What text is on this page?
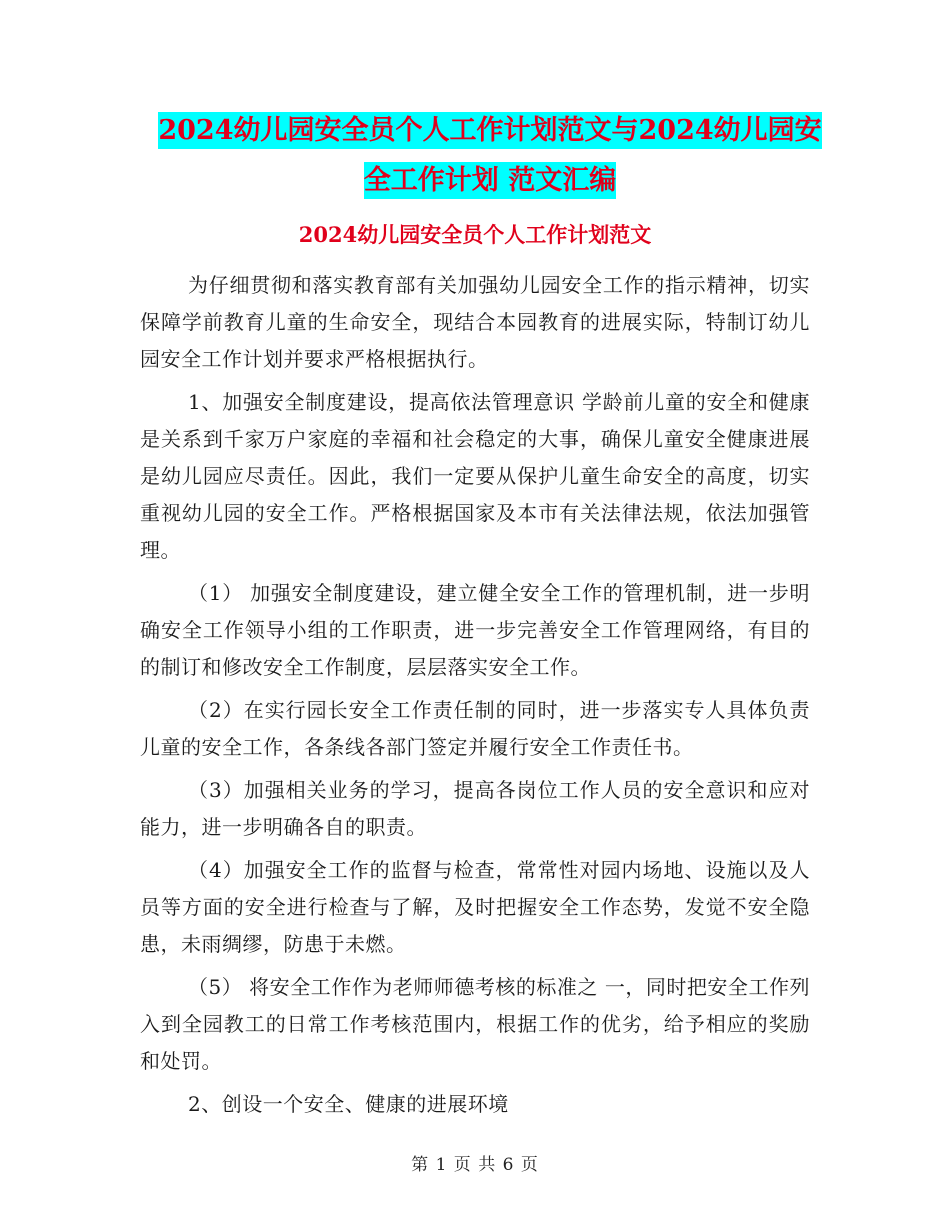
2024幼儿园安全员个人工作计划范文与2024幼儿园安
全工作计划 范文汇编
2024幼儿园安全员个人工作计划范文

为仔细贯彻和落实教育部有关加强幼儿园安全工作的指示精神，切实保障学前教育儿童的生命安全，现结合本园教育的进展实际，特制订幼儿园安全工作计划并要求严格根据执行。

1、加强安全制度建设，提高依法管理意识 学龄前儿童的安全和健康是关系到千家万户家庭的幸福和社会稳定的大事，确保儿童安全健康进展是幼儿园应尽责任。因此，我们一定要从保护儿童生命安全的高度，切实重视幼儿园的安全工作。严格根据国家及本市有关法律法规，依法加强管理。

（1） 加强安全制度建设，建立健全安全工作的管理机制，进一步明确安全工作领导小组的工作职责，进一步完善安全工作管理网络，有目的的制订和修改安全工作制度，层层落实安全工作。

（2）在实行园长安全工作责任制的同时，进一步落实专人具体负责儿童的安全工作，各条线各部门签定并履行安全工作责任书。

（3）加强相关业务的学习，提高各岗位工作人员的安全意识和应对能力，进一步明确各自的职责。

（4）加强安全工作的监督与检查，常常性对园内场地、设施以及人员等方面的安全进行检查与了解，及时把握安全工作态势，发觉不安全隐患，未雨绸缪，防患于未燃。

（5） 将安全工作作为老师师德考核的标准之 一，同时把安全工作列入到全园教工的日常工作考核范围内，根据工作的优劣，给予相应的奖励和处罚。

2、创设一个安全、健康的进展环境

第 1 页 共 6 页
